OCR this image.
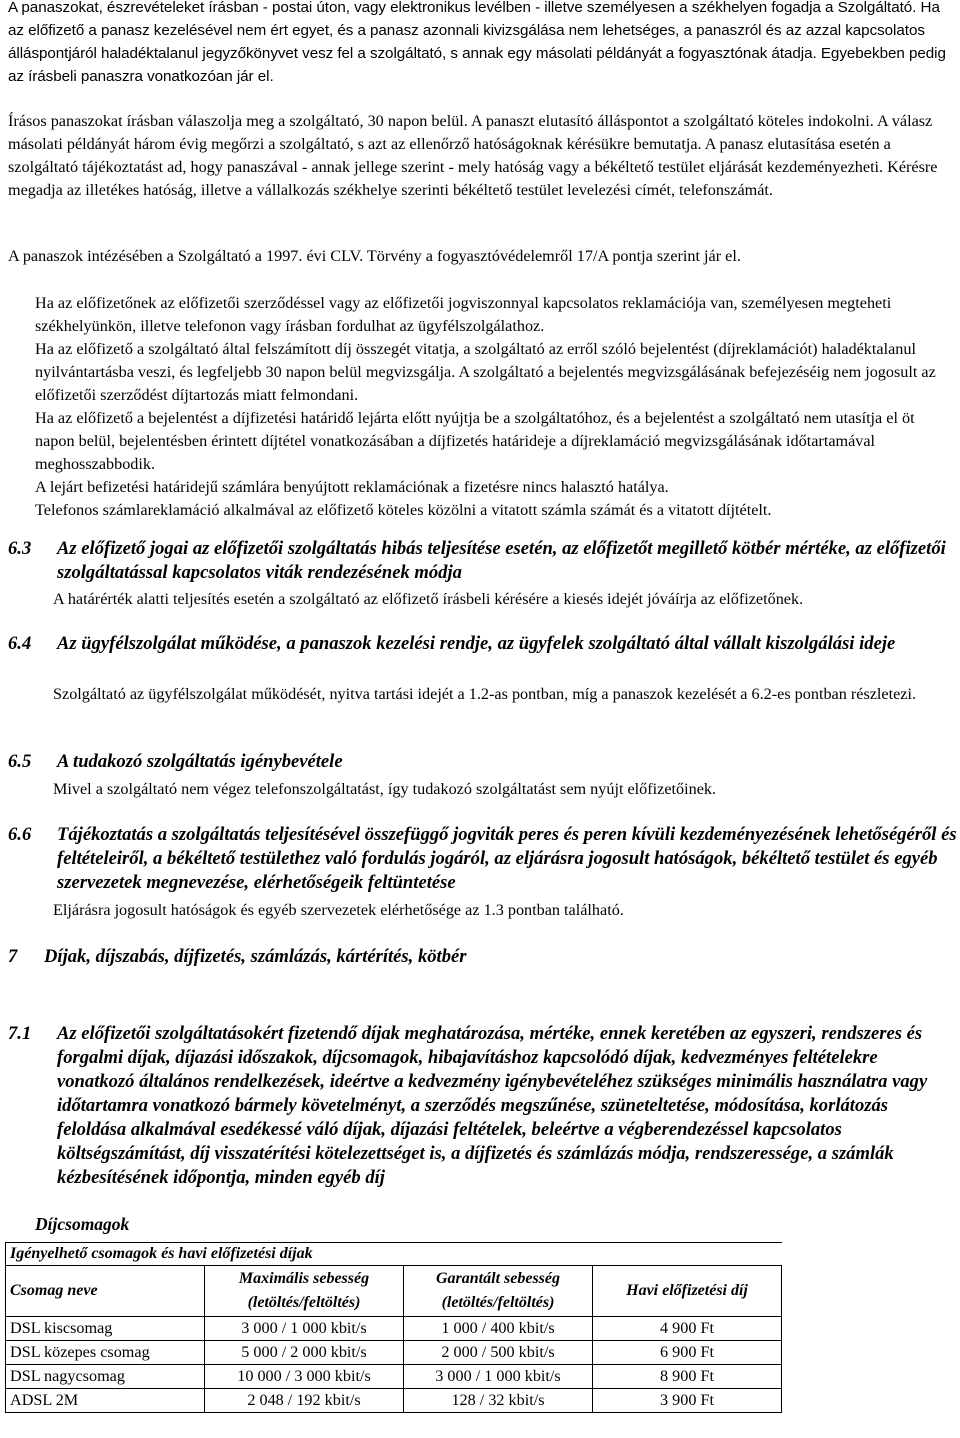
A panaszokat, észrevételeket írásban - postai úton, vagy elektronikus levélben - illetve személyesen a székhelyen fogadja a Szolgáltató. Ha az előfizető a panasz kezelésével nem ért egyet, és a panasz azonnali kivizsgálása nem lehetséges, a panaszról és az azzal kapcsolatos álláspontjáról haladéktalanul jegyzőkönyvet vesz fel a szolgáltató, s annak egy másolati példányát a fogyasztónak átadja. Egyebekben pedig az írásbeli panaszra vonatkozóan jár el.

Írásos panaszokat írásban válaszolja meg a szolgáltató, 30 napon belül. A panaszt elutasító álláspontot a szolgáltató köteles indokolni. A válasz másolati példányát három évig megőrzi a szolgáltató, s azt az ellenőrző hatóságoknak kérésükre bemutatja. A panasz elutasítása esetén a szolgáltató tájékoztatást ad, hogy panaszával - annak jellege szerint - mely hatóság vagy a békéltető testület eljárását kezdeményezheti. Kérésre megadja az illetékes hatóság, illetve a vállalkozás székhelye szerinti békéltető testület levelezési címét, telefonszámát.

A panaszok intézésében a Szolgáltató a 1997. évi CLV. Törvény a fogyasztóvédelemről 17/A pontja szerint jár el.

Ha az előfizetőnek az előfizetői szerződéssel vagy az előfizetői jogviszonnyal kapcsolatos reklamációja van, személyesen megteheti székhelyünkön, illetve telefonon vagy írásban fordulhat az ügyfélszolgálathoz.

Ha az előfizető a szolgáltató által felszámított díj összegét vitatja, a szolgáltató az erről szóló bejelentést (díjreklamációt) haladéktalanul nyilvántartásba veszi, és legfeljebb 30 napon belül megvizsgálja. A szolgáltató a bejelentés megvizsgálásának befejezéséig nem jogosult az előfizetői szerződést díjtartozás miatt felmondani.

Ha az előfizető a bejelentést a díjfizetési határidő lejárta előtt nyújtja be a szolgáltatóhoz, és a bejelentést a szolgáltató nem utasítja el öt napon belül, bejelentésben érintett díjtétel vonatkozásában a díjfizetés határideje a díjreklamáció megvizsgálásának időtartamával meghosszabbodik.

A lejárt befizetési határidejű számlára benyújtott reklamációnak a fizetésre nincs halasztó hatálya.

Telefonos számlareklamáció alkalmával az előfizető köteles közölni a vitatott számla számát és a vitatott díjtételt.

6.3 Az előfizető jogai az előfizetői szolgáltatás hibás teljesítése esetén, az előfizetőt megillető kötbér mértéke, az előfizetői szolgáltatással kapcsolatos viták rendezésének módja

A határérték alatti teljesítés esetén a szolgáltató az előfizető írásbeli kérésére a kiesés idejét jóváírja az előfizetőnek.

6.4 Az ügyfélszolgálat működése, a panaszok kezelési rendje, az ügyfelek szolgáltató által vállalt kiszolgálási ideje

Szolgáltató az ügyfélszolgálat működését, nyitva tartási idejét a 1.2-as pontban, míg a panaszok kezelését a 6.2-es pontban részletezi.

6.5 A tudakozó szolgáltatás igénybevétele

Mivel a szolgáltató nem végez telefonszolgáltatást, így tudakozó szolgáltatást sem nyújt előfizetőinek.

6.6 Tájékoztatás a szolgáltatás teljesítésével összefüggő jogviták peres és peren kívüli kezdeményezésének lehetőségéről és feltételeiről, a békéltető testülethez való fordulás jogáról, az eljárásra jogosult hatóságok, békéltető testület és egyéb szervezetek megnevezése, elérhetőségeik feltüntetése

Eljárásra jogosult hatóságok és egyéb szervezetek elérhetősége az 1.3 pontban található.

7 Díjak, díjszabás, díjfizetés, számlázás, kártérítés, kötbér
7.1 Az előfizetői szolgáltatásokért fizetendő díjak meghatározása, mértéke, ennek keretében az egyszeri, rendszeres és forgalmi díjak, díjazási időszakok, díjcsomagok, hibajavításhoz kapcsolódó díjak, kedvezményes feltételekre vonatkozó általános rendelkezések, ideértve a kedvezmény igénybevételéhez szükséges minimális használatra vagy időtartamra vonatkozó bármely követelményt, a szerződés megszűnése, szüneteltetése, módosítása, korlátozás feloldása alkalmával esedékessé váló díjak, díjazási feltételek, beleértve a végberendezéssel kapcsolatos költségszámítást, díj visszatérítési kötelezettséget is, a díjfizetés és számlázás módja, rendszeressége, a számlák kézbesítésének időpontja, minden egyéb díj
Díjcsomagok
Igényelhető csomagok és havi előfizetési díjak			
Csomag neve	Maximális sebesség (letöltés/feltöltés)	Garantált sebesség (letöltés/feltöltés)	Havi előfizetési díj
DSL kiscsomag	3 000 / 1 000 kbit/s	1 000 / 400 kbit/s	4 900 Ft
DSL közepes csomag	5 000 / 2 000 kbit/s	2 000 / 500 kbit/s	6 900 Ft
DSL nagycsomag	10 000 / 3 000 kbit/s	3 000 / 1 000 kbit/s	8 900 Ft
ADSL 2M	2 048 / 192 kbit/s	128 / 32 kbit/s	3 900 Ft
